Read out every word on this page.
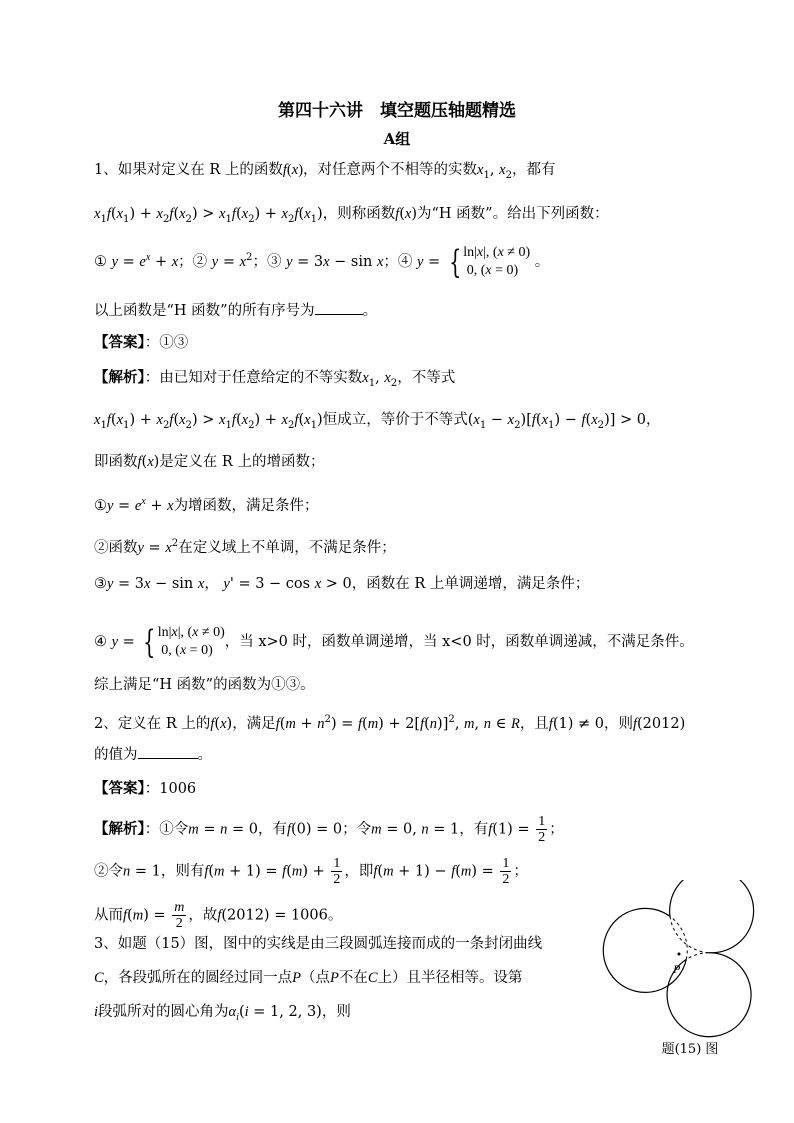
第四十六讲　填空题压轴题精选
A组
1、如果对定义在 R 上的函数f(x)，对任意两个不相等的实数$x_1$, $x_2$，都有
$x_1f(x_1) + x_2f(x_2) > x_1f(x_2) + x_2f(x_1)$，则称函数f(x)为“H 函数”。给出下列函数：
① $y = e^x + x$；② $y = x^2$；③ y = 3x − sin x；④ y = { ln|x|, (x ≠ 0)
0, (x = 0)
。
以上函数是“H 函数”的所有序号为	。
【答案】：①③
【解析】：由已知对于任意给定的不等实数$x_1$, $x_2$，不等式
$x_1f(x_1) + x_2f(x_2) > x_1f(x_2) + x_2f(x_1)$恒成立，等价于不等式$(x_1 - x_2)[f(x_1) - f(x_2)] > 0$，
即函数f(x)是定义在 R 上的增函数；
①y = $e^x + x$为增函数，满足条件；
②函数$y = x^2$在定义域上不单调，不满足条件；
③y = 3x − sin x， y' = 3 − cos x > 0，函数在 R 上单调递增，满足条件；
④ y = { ln|x|, (x ≠ 0)
0, (x = 0)
，当 x>0 时，函数单调递增，当 x<0 时，函数单调递减，不满足条件。
综上满足“H 函数”的函数为①③。
2、定义在 R 上的f(x)，满足$f(m + n^2) = f(m) + 2[f(n)]^2$, m, n ∈ R，且f(1) ≠ 0，则f(2012)
的值为	。
【答案】：1006
【解析】：①令m = n = 0，有f(0) = 0；令m = 0, n = 1，有$f(1) = \frac{1}{2}$ ；
②令n = 1，则有$f(m + 1) = f(m) + \frac{1}{2}$ ，即$f(m + 1) - f(m) = \frac{1}{2}$ ；
从而$f(m) = \frac{m}{2}$ ，故f(2012) = 1006。
3、如题（15）图，图中的实线是由三段圆弧连接而成的一条封闭曲线
C，各段弧所在的圆经过同一点P（点P不在C上）且半径相等。设第
i段弧所对的圆心角为$\alpha_i(i = 1$, 2, 3)，则
P
题(15) 图
